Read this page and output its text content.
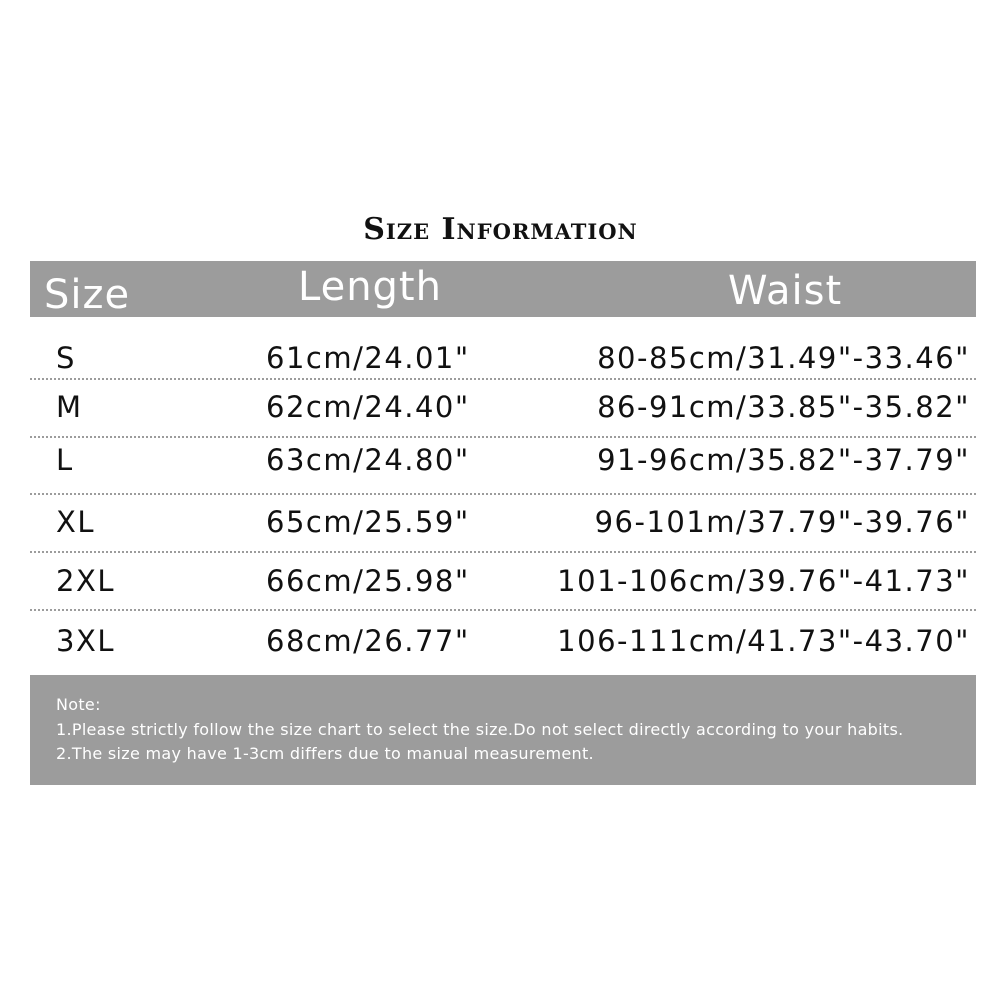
Size Information
Size	Length	Waist
S	61cm/24.01"	80-85cm/31.49"-33.46"
M	62cm/24.40"	86-91cm/33.85"-35.82"
L	63cm/24.80"	91-96cm/35.82"-37.79"
XL	65cm/25.59"	96-101m/37.79"-39.76"
2XL	66cm/25.98"	101-106cm/39.76"-41.73"
3XL	68cm/26.77"	106-111cm/41.73"-43.70"
Note:
1.Please strictly follow the size chart to select the size.Do not select directly according to your habits.
2.The size may have 1-3cm differs due to manual measurement.
